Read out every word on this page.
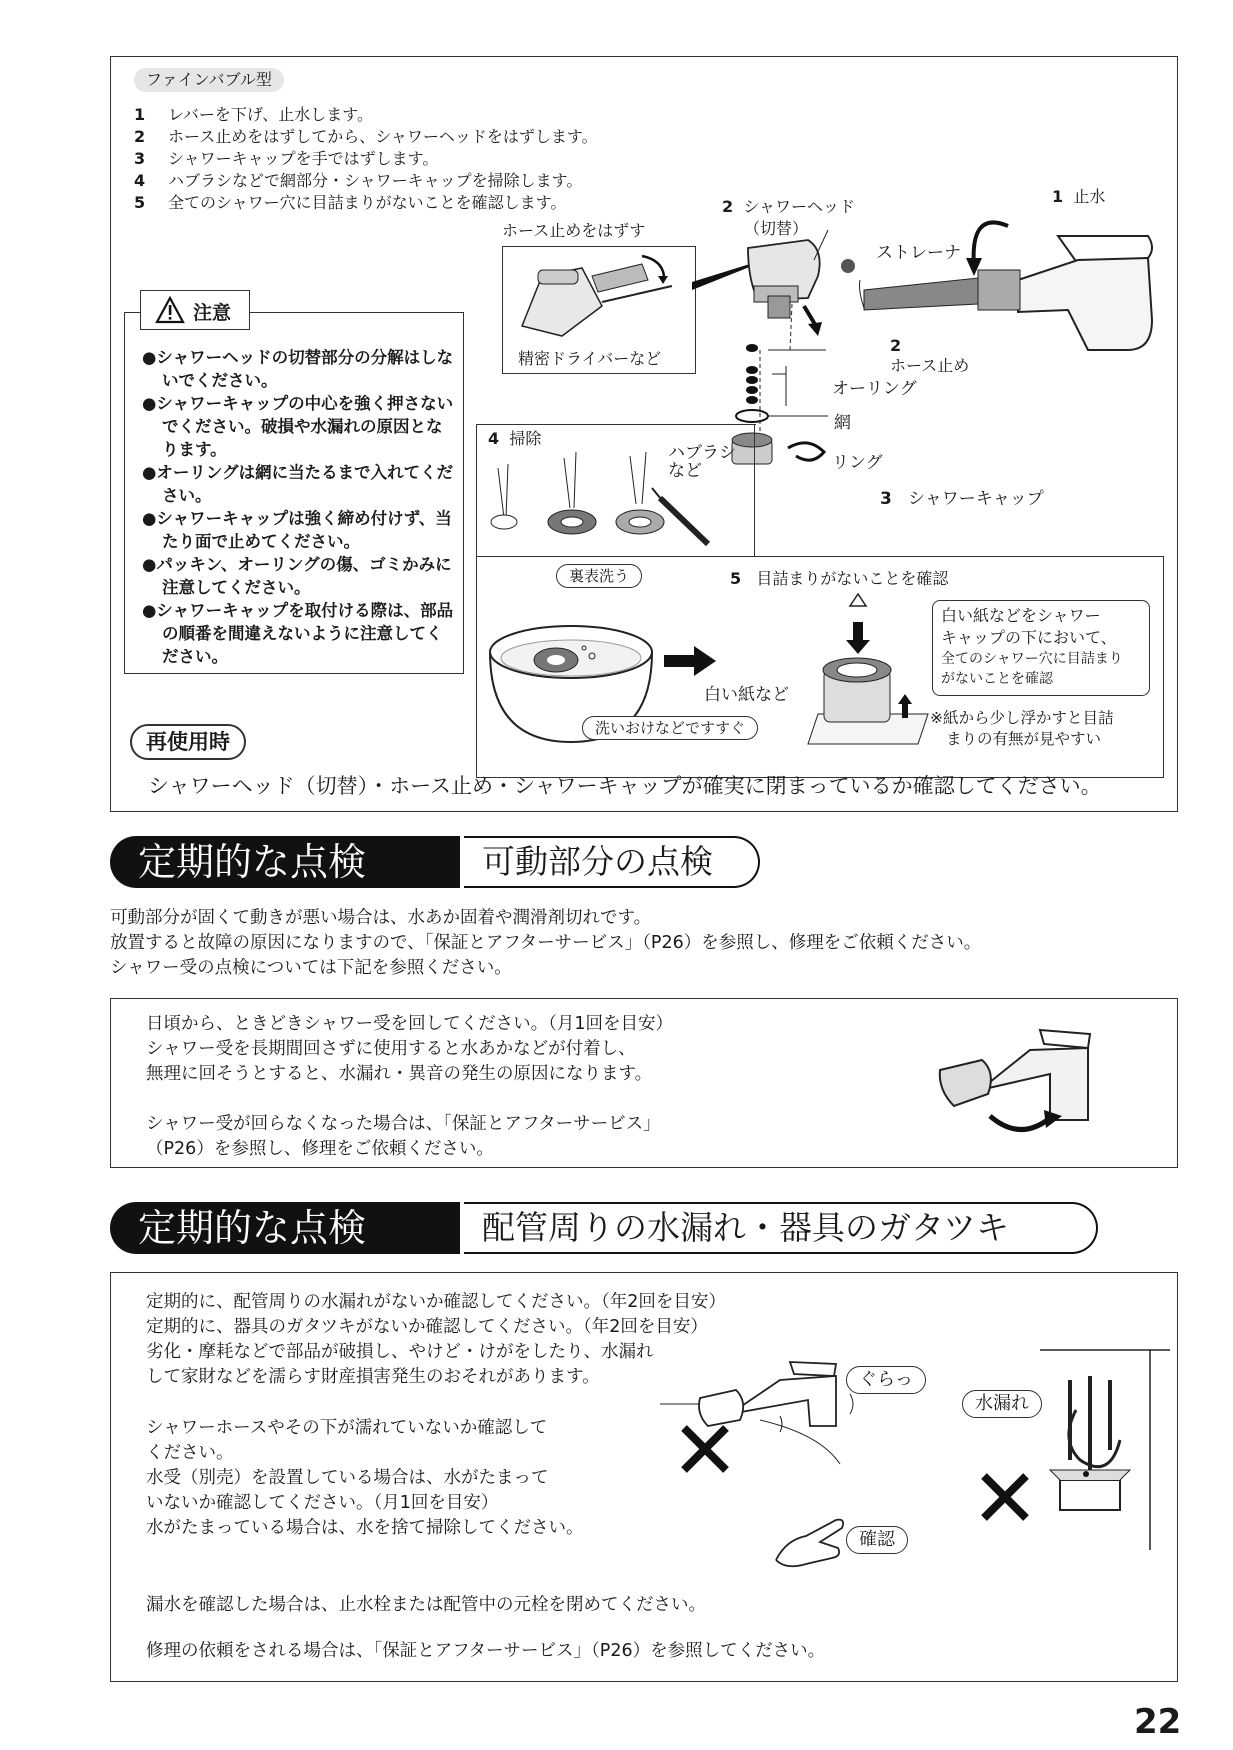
ファインバブル型
1 レバーを下げ、止水します。
2 ホース止めをはずしてから、シャワーヘッドをはずします。
3 シャワーキャップを手ではずします。
4 ハブラシなどで網部分・シャワーキャップを掃除します。
5 全てのシャワー穴に目詰まりがないことを確認します。
注意
●シャワーヘッドの切替部分の分解はしないでください。
●シャワーキャップの中心を強く押さないでください。破損や水漏れの原因となります。
●オーリングは網に当たるまで入れてください。
●シャワーキャップは強く締め付けず、当たり面で止めてください。
●パッキン、オーリングの傷、ゴミかみに注意してください。
●シャワーキャップを取付ける際は、部品の順番を間違えないように注意してください。
ホース止めをはずす
精密ドライバーなど
2 シャワーヘッド
（切替）
1 止水
ストレーナ
2
ホース止め
オーリング
網
リング
3 シャワーキャップ
4 掃除
ハブラシ
など
裏表洗う	5 目詰まりがないことを確認
洗いおけなどですすぐ
白い紙など
白い紙などをシャワー
キャップの下において、
全てのシャワー穴に目詰まり
がないことを確認
※紙から少し浮かすと目詰
まりの有無が見やすい
再使用時
シャワーヘッド（切替）・ホース止め・シャワーキャップが確実に閉まっているか確認してください。
定期的な点検	可動部分の点検
可動部分が固くて動きが悪い場合は、水あか固着や潤滑剤切れです。
放置すると故障の原因になりますので、「保証とアフターサービス」（P26）を参照し、修理をご依頼ください。
シャワー受の点検については下記を参照ください。
日頃から、ときどきシャワー受を回してください。（月1回を目安）
シャワー受を長期間回さずに使用すると水あかなどが付着し、
無理に回そうとすると、水漏れ・異音の発生の原因になります。
シャワー受が回らなくなった場合は、「保証とアフターサービス」
（P26）を参照し、修理をご依頼ください。
定期的な点検	配管周りの水漏れ・器具のガタツキ
定期的に、配管周りの水漏れがないか確認してください。（年2回を目安）
定期的に、器具のガタツキがないか確認してください。（年2回を目安）
劣化・摩耗などで部品が破損し、やけど・けがをしたり、水漏れ
して家財などを濡らす財産損害発生のおそれがあります。
シャワーホースやその下が濡れていないか確認して
ください。
水受（別売）を設置している場合は、水がたまって
いないか確認してください。（月1回を目安）
水がたまっている場合は、水を捨て掃除してください。
ぐらっ
確認
水漏れ
漏水を確認した場合は、止水栓または配管中の元栓を閉めてください。
修理の依頼をされる場合は、「保証とアフターサービス」（P26）を参照してください。
22
